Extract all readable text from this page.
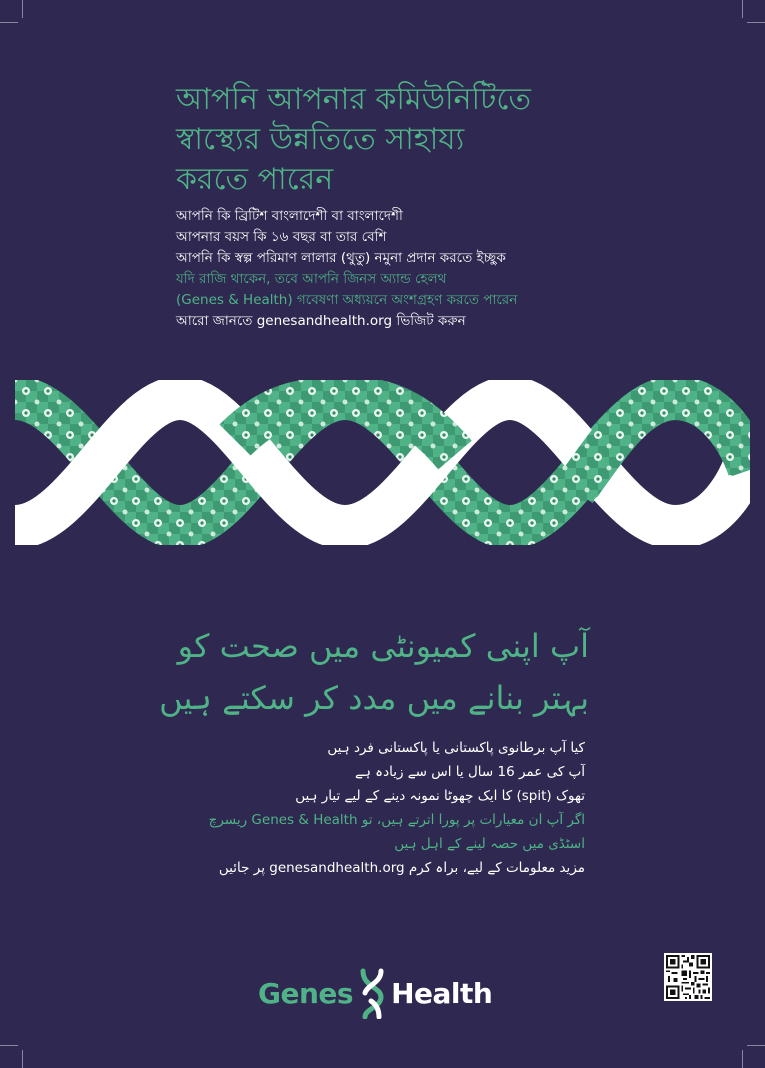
আপনি আপনার কমিউনিটিতে
স্বাস্থ্যের উন্নতিতে সাহায্য
করতে পারেন
আপনি কি ব্রিটিশ বাংলাদেশী বা বাংলাদেশী
আপনার বয়স কি ১৬ বছর বা তার বেশি
আপনি কি স্বল্প পরিমাণ লালার (থুতু) নমুনা প্রদান করতে ইচ্ছুক
যদি রাজি থাকেন, তবে আপনি জিনস অ্যান্ড হেলথ
(Genes & Health) গবেষণা অধ্যয়নে অংশগ্রহণ করতে পারেন
আরো জানতে genesandhealth.org ভিজিট করুন
آپ اپنی کمیونٹی میں صحت کو
بہتر بنانے میں مدد کر سکتے ہیں
کیا آپ برطانوی پاکستانی یا پاکستانی فرد ہیں
آپ کی عمر 16 سال یا اس سے زیادہ ہے
تھوک (spit) کا ایک چھوٹا نمونہ دینے کے لیے تیار ہیں
اگر آپ ان معیارات پر پورا اترتے ہیں، تو Genes & Health ریسرچ
اسٹڈی میں حصہ لینے کے اہل ہیں
مزید معلومات کے لیے، براہ کرم genesandhealth.org پر جائیں
Genes Health
